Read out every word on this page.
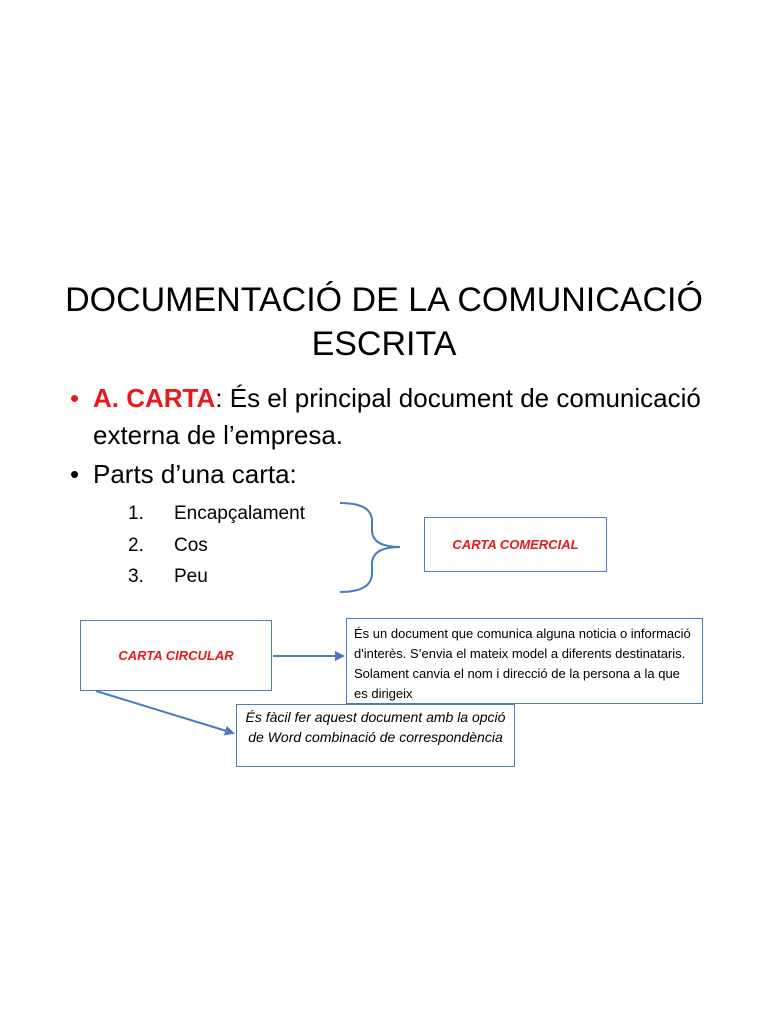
DOCUMENTACIÓ DE LA COMUNICACIÓ
ESCRITA
• A. CARTA: És el principal document de comunicació externa de l’empresa.
• Parts d’una carta:
1.	Encapçalament
2.	Cos
3.	Peu
CARTA COMERCIAL
CARTA CIRCULAR
És un document que comunica alguna noticia o informació d'interès. S’envia el mateix model a diferents destinataris. Solament canvia el nom i direcció de la persona a la que es dirigeix
És fàcil fer aquest document amb la opció de Word combinació de correspondència
